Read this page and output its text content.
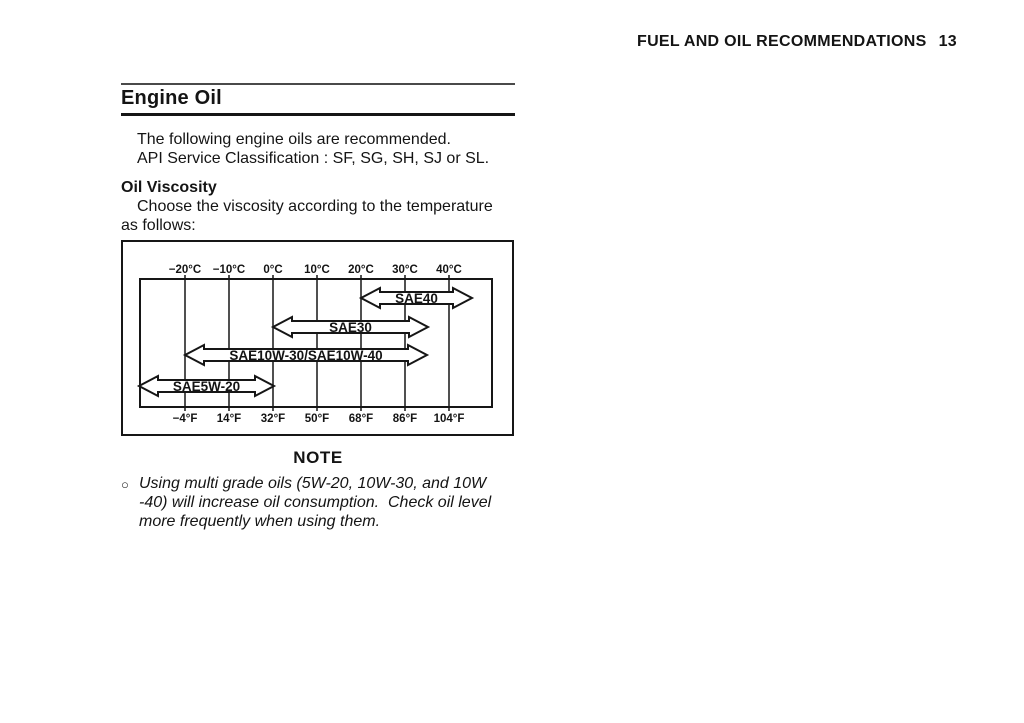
FUEL AND OIL RECOMMENDATIONS 13
Engine Oil
The following engine oils are recommended.
API Service Classification : SF, SG, SH, SJ or SL.
Oil Viscosity
Choose the viscosity according to the temperature
as follows:
−20°C −10°C 0°C 10°C 20°C 30°C 40°C
−4°F 14°F 32°F 50°F 68°F 86°F 104°F
SAE40
SAE30
SAE10W-30/SAE10W-40
SAE5W-20
NOTE
○ Using multi grade oils (5W-20, 10W-30, and 10W
-40) will increase oil consumption.  Check oil level
more frequently when using them.
